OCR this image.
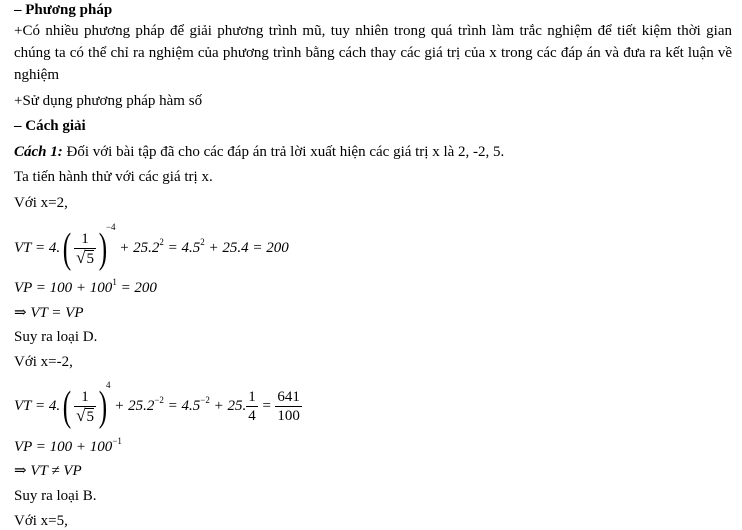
– Phương pháp
+Có nhiều phương pháp để giải phương trình mũ, tuy nhiên trong quá trình làm trắc nghiệm để tiết kiệm thời gian chúng ta có thể chỉ ra nghiệm của phương trình bằng cách thay các giá trị của x trong các đáp án và đưa ra kết luận về nghiệm
+Sử dụng phương pháp hàm số
– Cách giải
Cách 1: Đối với bài tập đã cho các đáp án trả lời xuất hiện các giá trị x là 2, -2, 5.
Ta tiến hành thử với các giá trị x.
Với x=2,
VT = $4.( \frac{1}{√5} )^{-4} + 25.2^2 = 4.5^2 + 25.4 = 200$
VP = $100 + 100^1 = 200$
⇒ VT = VP
Suy ra loại D.
Với x=-2,
VT = $4.( \frac{1}{√5} )^4 + 25.2^{-2} = 4.5^{-2} + 25$. $\frac{1}{4} = \frac{641}{100}$
VP = $100 + 100^{-1}$
⇒ VT ≠ VP
Suy ra loại B.
Với x=5,
